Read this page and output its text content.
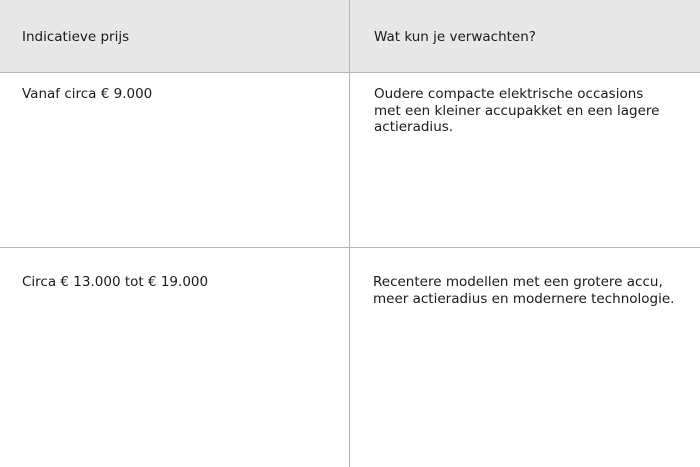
Indicatieve prijs	Wat kun je verwachten?
Vanaf circa € 9.000	Oudere compacte elektrische occasions met een kleiner accupakket en een lagere actieradius.
Circa € 13.000 tot € 19.000	Recentere modellen met een grotere accu, meer actieradius en modernere technologie.
